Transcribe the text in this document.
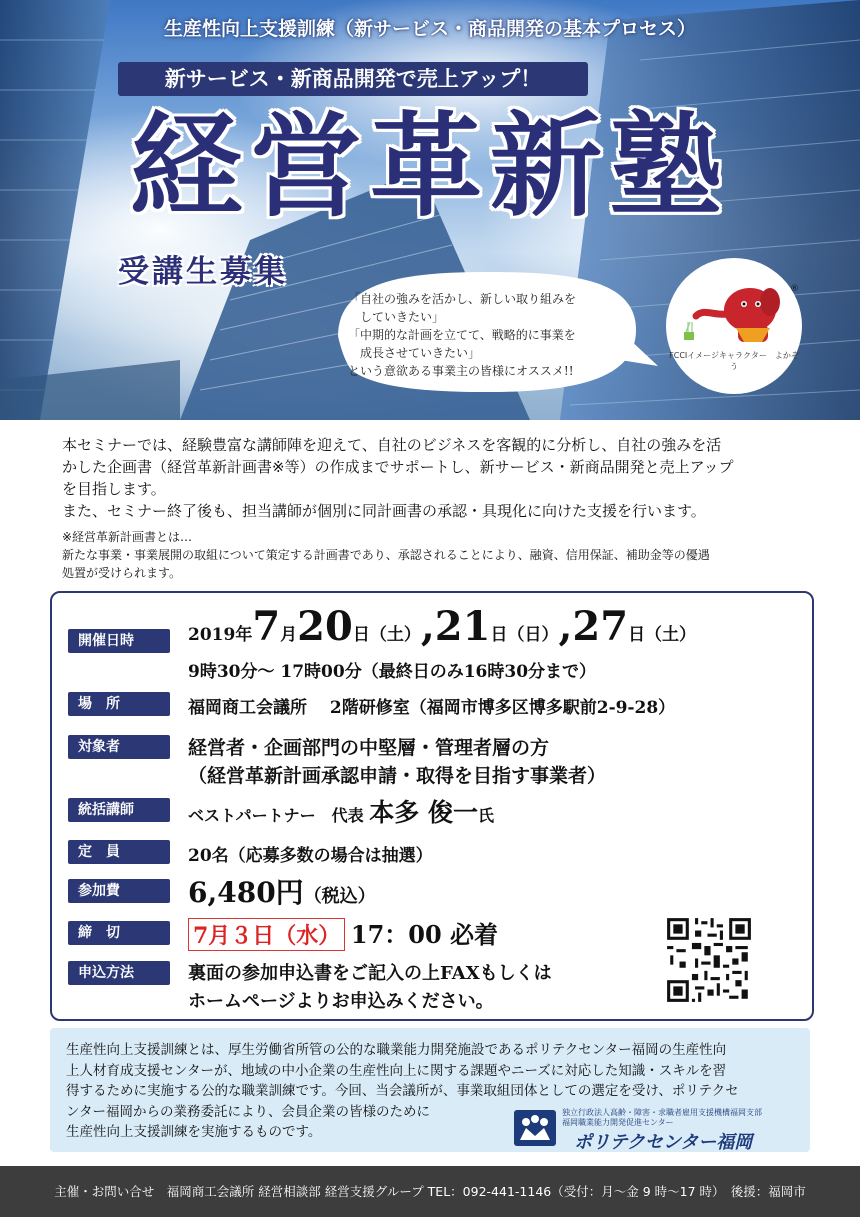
生産性向上支援訓練（新サービス・商品開発の基本プロセス）
新サービス・新商品開発で売上アップ！
経営革新塾
受講生募集
「自社の強みを活かし、新しい取り組みを
　していきたい」
「中期的な計画を立てて、戦略的に事業を
　成長させていきたい」
という意欲ある事業主の皆様にオススメ!!
®
FCCIイメージキャラクター　よかぞう
本セミナーでは、経験豊富な講師陣を迎えて、自社のビジネスを客観的に分析し、自社の強みを活
かした企画書（経営革新計画書※等）の作成までサポートし、新サービス・新商品開発と売上アップ
を目指します。
また、セミナー終了後も、担当講師が個別に同計画書の承認・具現化に向けた支援を行います。
※経営革新計画書とは…
新たな事業・事業展開の取組について策定する計画書であり、承認されることにより、融資、信用保証、補助金等の優遇
処置が受けられます。
開催日時	2019年7月20日（土）,21日（日）,27日（土）
9時30分～ 17時00分（最終日のみ16時30分まで）
場　所	福岡商工会議所　 2階研修室（福岡市博多区博多駅前2-9-28）
対象者	経営者・企画部門の中堅層・管理者層の方
（経営革新計画承認申請・取得を目指す事業者）
統括講師	ベストパートナー　代表 本多 俊一氏
定　員	20名（応募多数の場合は抽選）
参加費 6,480円（税込）
締　切	7月３日（水） 17：00 必着
申込方法	裏面の参加申込書をご記入の上FAXもしくは
ホームページよりお申込みください。
生産性向上支援訓練とは、厚生労働省所管の公的な職業能力開発施設であるポリテクセンター福岡の生産性向
上人材育成支援センターが、地域の中小企業の生産性向上に関する課題やニーズに対応した知識・スキルを習
得するために実施する公的な職業訓練です。今回、当会議所が、事業取組団体としての選定を受け、ポリテクセ
ンター福岡からの業務委託により、会員企業の皆様のために
生産性向上支援訓練を実施するものです。
独立行政法人高齢・障害・求職者雇用支援機構福岡支部
福岡職業能力開発促進センター
ポリテクセンター福岡
主催・お問い合せ　福岡商工会議所 経営相談部 経営支援グループ TEL：092-441-1146（受付：月～金 9 時～17 時）　後援：福岡市
